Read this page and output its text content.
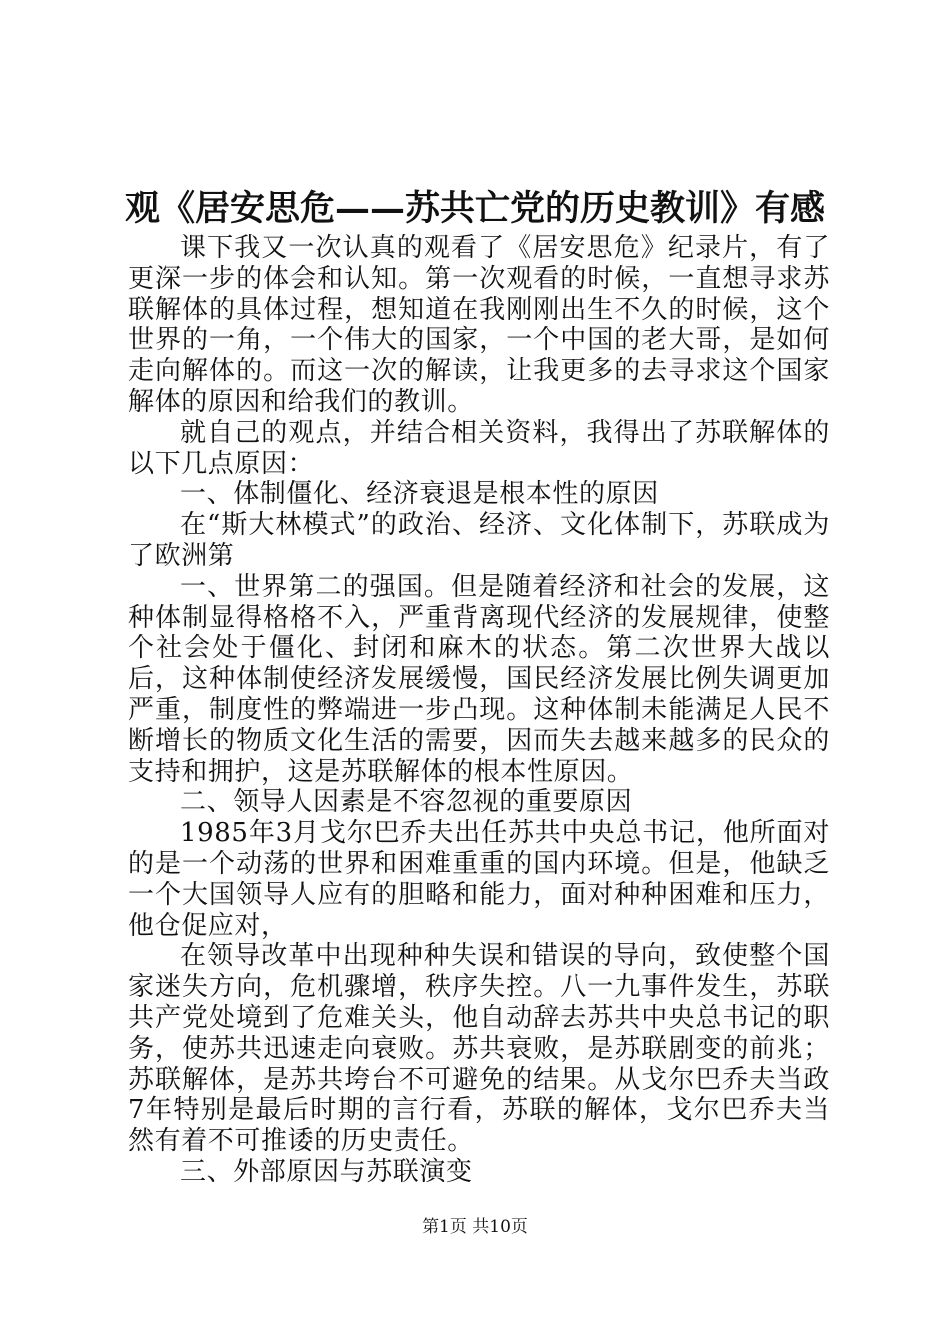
观《居安思危——苏共亡党的历史教训》有感

课下我又一次认真的观看了《居安思危》纪录片，有了更深一步的体会和认知。第一次观看的时候，一直想寻求苏联解体的具体过程，想知道在我刚刚出生不久的时候，这个世界的一角，一个伟大的国家，一个中国的老大哥，是如何走向解体的。而这一次的解读，让我更多的去寻求这个国家解体的原因和给我们的教训。

就自己的观点，并结合相关资料，我得出了苏联解体的以下几点原因：

一、体制僵化、经济衰退是根本性的原因

在“斯大林模式”的政治、经济、文化体制下，苏联成为了欧洲第

一、世界第二的强国。但是随着经济和社会的发展，这种体制显得格格不入，严重背离现代经济的发展规律，使整个社会处于僵化、封闭和麻木的状态。第二次世界大战以后，这种体制使经济发展缓慢，国民经济发展比例失调更加严重，制度性的弊端进一步凸现。这种体制未能满足人民不断增长的物质文化生活的需要，因而失去越来越多的民众的支持和拥护，这是苏联解体的根本性原因。

二、领导人因素是不容忽视的重要原因

1985年3月戈尔巴乔夫出任苏共中央总书记，他所面对的是一个动荡的世界和困难重重的国内环境。但是，他缺乏一个大国领导人应有的胆略和能力，面对种种困难和压力，他仓促应对，

在领导改革中出现种种失误和错误的导向，致使整个国家迷失方向，危机骤增，秩序失控。八一九事件发生，苏联共产党处境到了危难关头，他自动辞去苏共中央总书记的职务，使苏共迅速走向衰败。苏共衰败，是苏联剧变的前兆；苏联解体，是苏共垮台不可避免的结果。从戈尔巴乔夫当政7年特别是最后时期的言行看，苏联的解体，戈尔巴乔夫当然有着不可推诿的历史责任。

三、外部原因与苏联演变

第1页 共10页
